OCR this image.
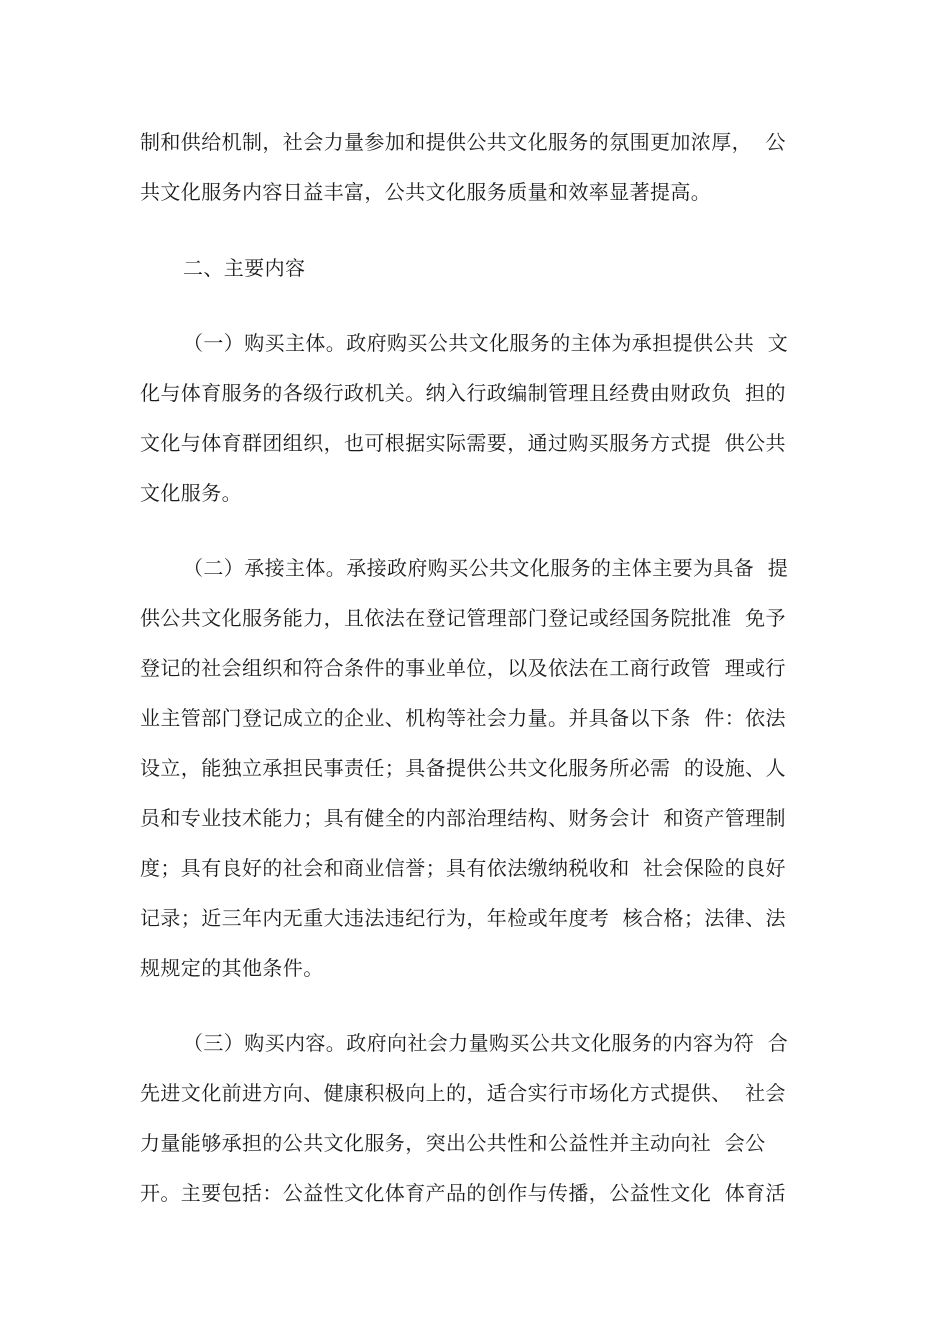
制和供给机制，社会力量参加和提供公共文化服务的氛围更加浓厚，  公
共文化服务内容日益丰富，公共文化服务质量和效率显著提高。
二、主要内容
（一）购买主体。政府购买公共文化服务的主体为承担提供公共  文
化与体育服务的各级行政机关。纳入行政编制管理且经费由财政负  担的
文化与体育群团组织，也可根据实际需要，通过购买服务方式提  供公共
文化服务。
（二）承接主体。承接政府购买公共文化服务的主体主要为具备  提
供公共文化服务能力，且依法在登记管理部门登记或经国务院批准  免予
登记的社会组织和符合条件的事业单位，以及依法在工商行政管  理或行
业主管部门登记成立的企业、机构等社会力量。并具备以下条  件：依法
设立，能独立承担民事责任；具备提供公共文化服务所必需  的设施、人
员和专业技术能力；具有健全的内部治理结构、财务会计  和资产管理制
度；具有良好的社会和商业信誉；具有依法缴纳税收和  社会保险的良好
记录；近三年内无重大违法违纪行为，年检或年度考  核合格；法律、法
规规定的其他条件。
（三）购买内容。政府向社会力量购买公共文化服务的内容为符  合
先进文化前进方向、健康积极向上的，适合实行市场化方式提供、  社会
力量能够承担的公共文化服务，突出公共性和公益性并主动向社  会公
开。主要包括：公益性文化体育产品的创作与传播，公益性文化  体育活
